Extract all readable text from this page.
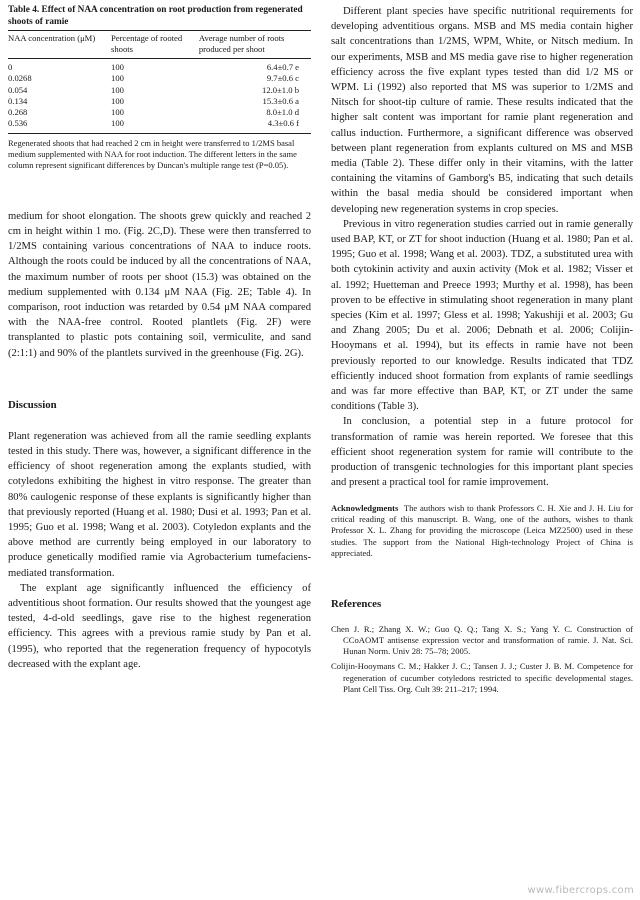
Table 4. Effect of NAA concentration on root production from regenerated shoots of ramie

NAA concentration (μM)	Percentage of rooted shoots	Average number of roots produced per shoot
0	100	6.4±0.7 e
0.0268	100	9.7±0.6 c
0.054	100	12.0±1.0 b
0.134	100	15.3±0.6 a
0.268	100	8.0±1.0 d
0.536	100	4.3±0.6 f

Regenerated shoots that had reached 2 cm in height were transferred to 1/2MS basal medium supplemented with NAA for root induction. The different letters in the same column represent significant differences by Duncan's multiple range test (P=0.05).

medium for shoot elongation. The shoots grew quickly and reached 2 cm in height within 1 mo. (Fig. 2C,D). These were then transferred to 1/2MS containing various concentrations of NAA to induce roots. Although the roots could be induced by all the concentrations of NAA, the maximum number of roots per shoot (15.3) was obtained on the medium supplemented with 0.134 μM NAA (Fig. 2E; Table 4). In comparison, root induction was retarded by 0.54 μM NAA compared with the NAA-free control. Rooted plantlets (Fig. 2F) were transplanted to plastic pots containing soil, vermiculite, and sand (2:1:1) and 90% of the plantlets survived in the greenhouse (Fig. 2G).

Discussion

Plant regeneration was achieved from all the ramie seedling explants tested in this study. There was, however, a significant difference in the efficiency of shoot regeneration among the explants studied, with cotyledons exhibiting the highest in vitro response. The greater than 80% caulogenic response of these explants is significantly higher than that previously reported (Huang et al. 1980; Dusi et al. 1993; Pan et al. 1995; Guo et al. 1998; Wang et al. 2003). Cotyledon explants and the above method are currently being employed in our laboratory to produce genetically modified ramie via Agrobacterium tumefaciens-mediated transformation.

The explant age significantly influenced the efficiency of adventitious shoot formation. Our results showed that the youngest age tested, 4-d-old seedlings, gave rise to the highest regeneration efficiency. This agrees with a previous ramie study by Pan et al. (1995), who reported that the regeneration frequency of hypocotyls decreased with the explant age.

Different plant species have specific nutritional requirements for developing adventitious organs. MSB and MS media contain higher salt concentrations than 1/2MS, WPM, White, or Nitsch medium. In our experiments, MSB and MS media gave rise to higher regeneration efficiency across the five explant types tested than did 1/2 MS or WPM. Li (1992) also reported that MS was superior to 1/2MS and Nitsch for shoot-tip culture of ramie. These results indicated that the higher salt content was important for ramie plant regeneration and callus induction. Furthermore, a significant difference was observed between plant regeneration from explants cultured on MS and MSB media (Table 2). These differ only in their vitamins, with the latter containing the vitamins of Gamborg's B5, indicating that such details within the basal media should be considered important when developing new regeneration systems in crop species.

Previous in vitro regeneration studies carried out in ramie generally used BAP, KT, or ZT for shoot induction (Huang et al. 1980; Pan et al. 1995; Guo et al. 1998; Wang et al. 2003). TDZ, a substituted urea with both cytokinin activity and auxin activity (Mok et al. 1982; Visser et al. 1992; Huetteman and Preece 1993; Murthy et al. 1998), has been proven to be effective in stimulating shoot regeneration in many plant species (Kim et al. 1997; Gless et al. 1998; Yakushiji et al. 2003; Gu and Zhang 2005; Du et al. 2006; Debnath et al. 2006; Colijin-Hooymans et al. 1994), but its effects in ramie have not been previously reported to our knowledge. Results indicated that TDZ efficiently induced shoot formation from explants of ramie seedlings and was far more effective than BAP, KT, or ZT under the same conditions (Table 3).

In conclusion, a potential step in a future protocol for transformation of ramie was herein reported. We foresee that this efficient shoot regeneration system for ramie will contribute to the production of transgenic technologies for this important plant species and present a practical tool for ramie improvement.

Acknowledgments The authors wish to thank Professors C. H. Xie and J. H. Liu for critical reading of this manuscript. B. Wang, one of the authors, wishes to thank Professor X. L. Zhang for providing the microscope (Leica MZ2500) used in these studies. The support from the National High-technology Project of China is appreciated.

References

Chen J. R.; Zhang X. W.; Guo Q. Q.; Tang X. S.; Yang Y. C. Construction of CCoAOMT antisense expression vector and transformation of ramie. J. Nat. Sci. Hunan Norm. Univ 28: 75–78; 2005.

Colijin-Hooymans C. M.; Hakker J. C.; Tansen J. J.; Custer J. B. M. Competence for regeneration of cucumber cotyledons restricted to specific developmental stages. Plant Cell Tiss. Org. Cult 39: 211–217; 1994.

www.fibercrops.com
